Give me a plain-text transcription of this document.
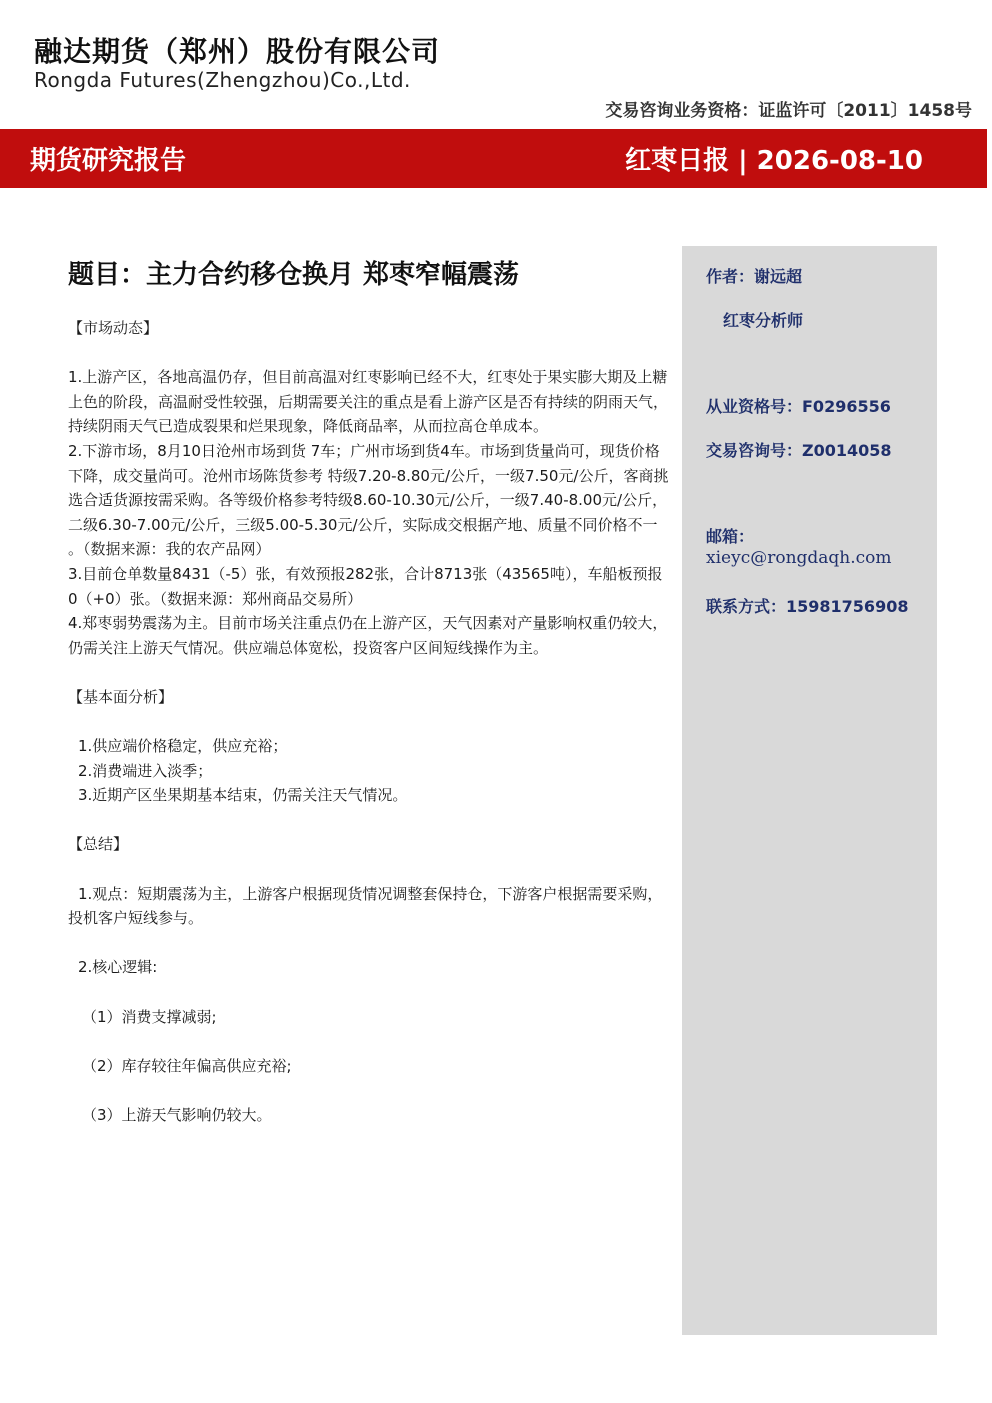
融达期货（郑州）股份有限公司
Rongda Futures(Zhengzhou)Co.,Ltd.
交易咨询业务资格：证监许可〔2011〕1458号
期货研究报告	红枣日报 | 2026-08-10
题目：主力合约移仓换月 郑枣窄幅震荡

【市场动态】

1.上游产区，各地高温仍存，但目前高温对红枣影响已经不大，红枣处于果实膨大期及上糖上色的阶段，高温耐受性较强，后期需要关注的重点是看上游产区是否有持续的阴雨天气，持续阴雨天气已造成裂果和烂果现象，降低商品率，从而拉高仓单成本。

2.下游市场，8月10日沧州市场到货 7车；广州市场到货4车。市场到货量尚可，现货价格下降，成交量尚可。沧州市场陈货参考 特级7.20-8.80元/公斤，一级7.50元/公斤，客商挑选合适货源按需采购。各等级价格参考特级8.60-10.30元/公斤，一级7.40-8.00元/公斤，二级6.30-7.00元/公斤，三级5.00-5.30元/公斤，实际成交根据产地、质量不同价格不一 。（数据来源：我的农产品网）

3.目前仓单数量8431（-5）张，有效预报282张，合计8713张（43565吨），车船板预报0（+0）张。（数据来源：郑州商品交易所）

4.郑枣弱势震荡为主。目前市场关注重点仍在上游产区，天气因素对产量影响权重仍较大，仍需关注上游天气情况。供应端总体宽松，投资客户区间短线操作为主。

【基本面分析】

1.供应端价格稳定，供应充裕；

2.消费端进入淡季；

3.近期产区坐果期基本结束，仍需关注天气情况。

【总结】

1.观点：短期震荡为主，上游客户根据现货情况调整套保持仓，下游客户根据需要采购，投机客户短线参与。

2.核心逻辑:

（1）消费支撑减弱;

（2）库存较往年偏高供应充裕;

（3）上游天气影响仍较大。

作者：谢远超
红枣分析师
从业资格号：F0296556
交易咨询号：Z0014058
邮箱：
xieyc@rongdaqh.com
联系方式：15981756908
